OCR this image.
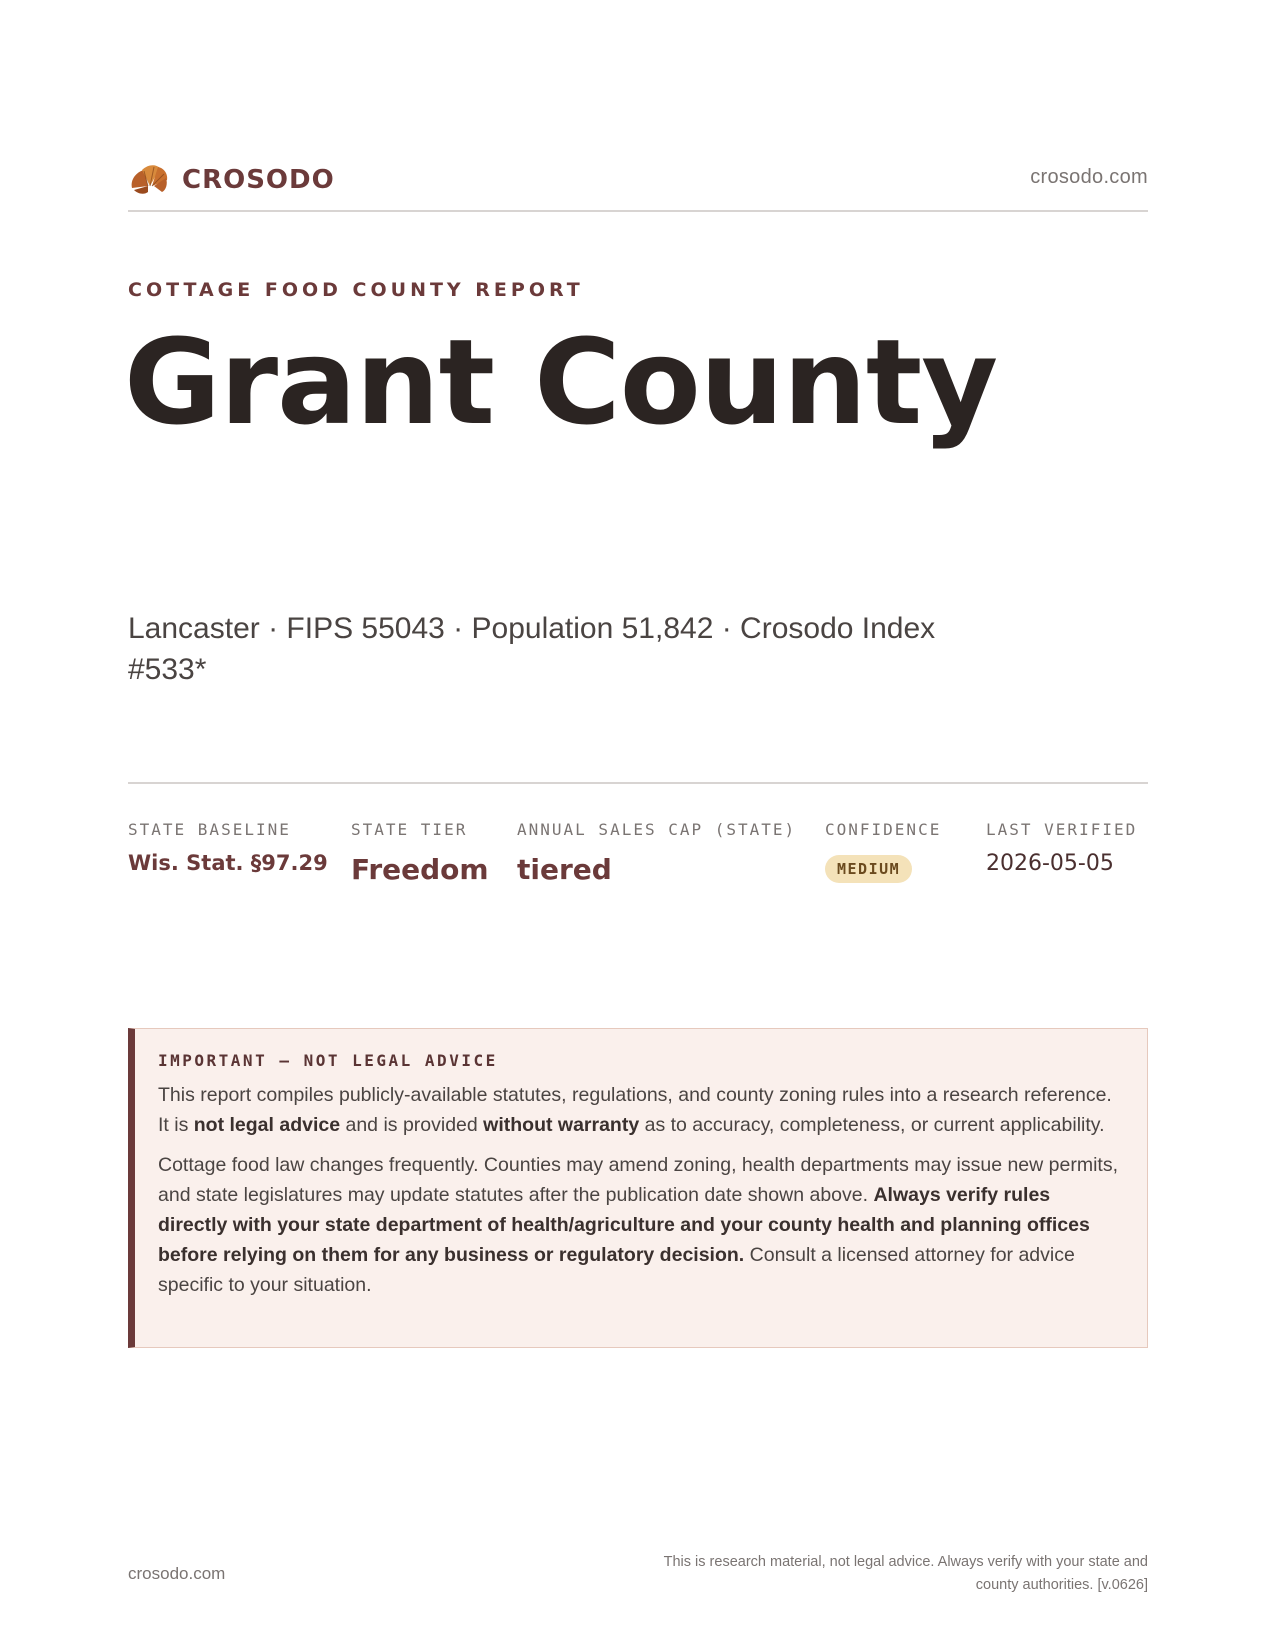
CROSODO	crosodo.com
COTTAGE FOOD COUNTY REPORT
Grant County
Lancaster · FIPS 55043 · Population 51,842 · Crosodo Index #533*
STATE BASELINE
Wis. Stat. §97.29
STATE TIER
Freedom
ANNUAL SALES CAP (STATE)
tiered
CONFIDENCE
MEDIUM
LAST VERIFIED
2026-05-05
IMPORTANT — NOT LEGAL ADVICE

This report compiles publicly-available statutes, regulations, and county zoning rules into a research reference. It is not legal advice and is provided without warranty as to accuracy, completeness, or current applicability.

Cottage food law changes frequently. Counties may amend zoning, health departments may issue new permits, and state legislatures may update statutes after the publication date shown above. Always verify rules directly with your state department of health/agriculture and your county health and planning offices before relying on them for any business or regulatory decision. Consult a licensed attorney for advice specific to your situation.

crosodo.com
This is research material, not legal advice. Always verify with your state and county authorities. [v.0626]
